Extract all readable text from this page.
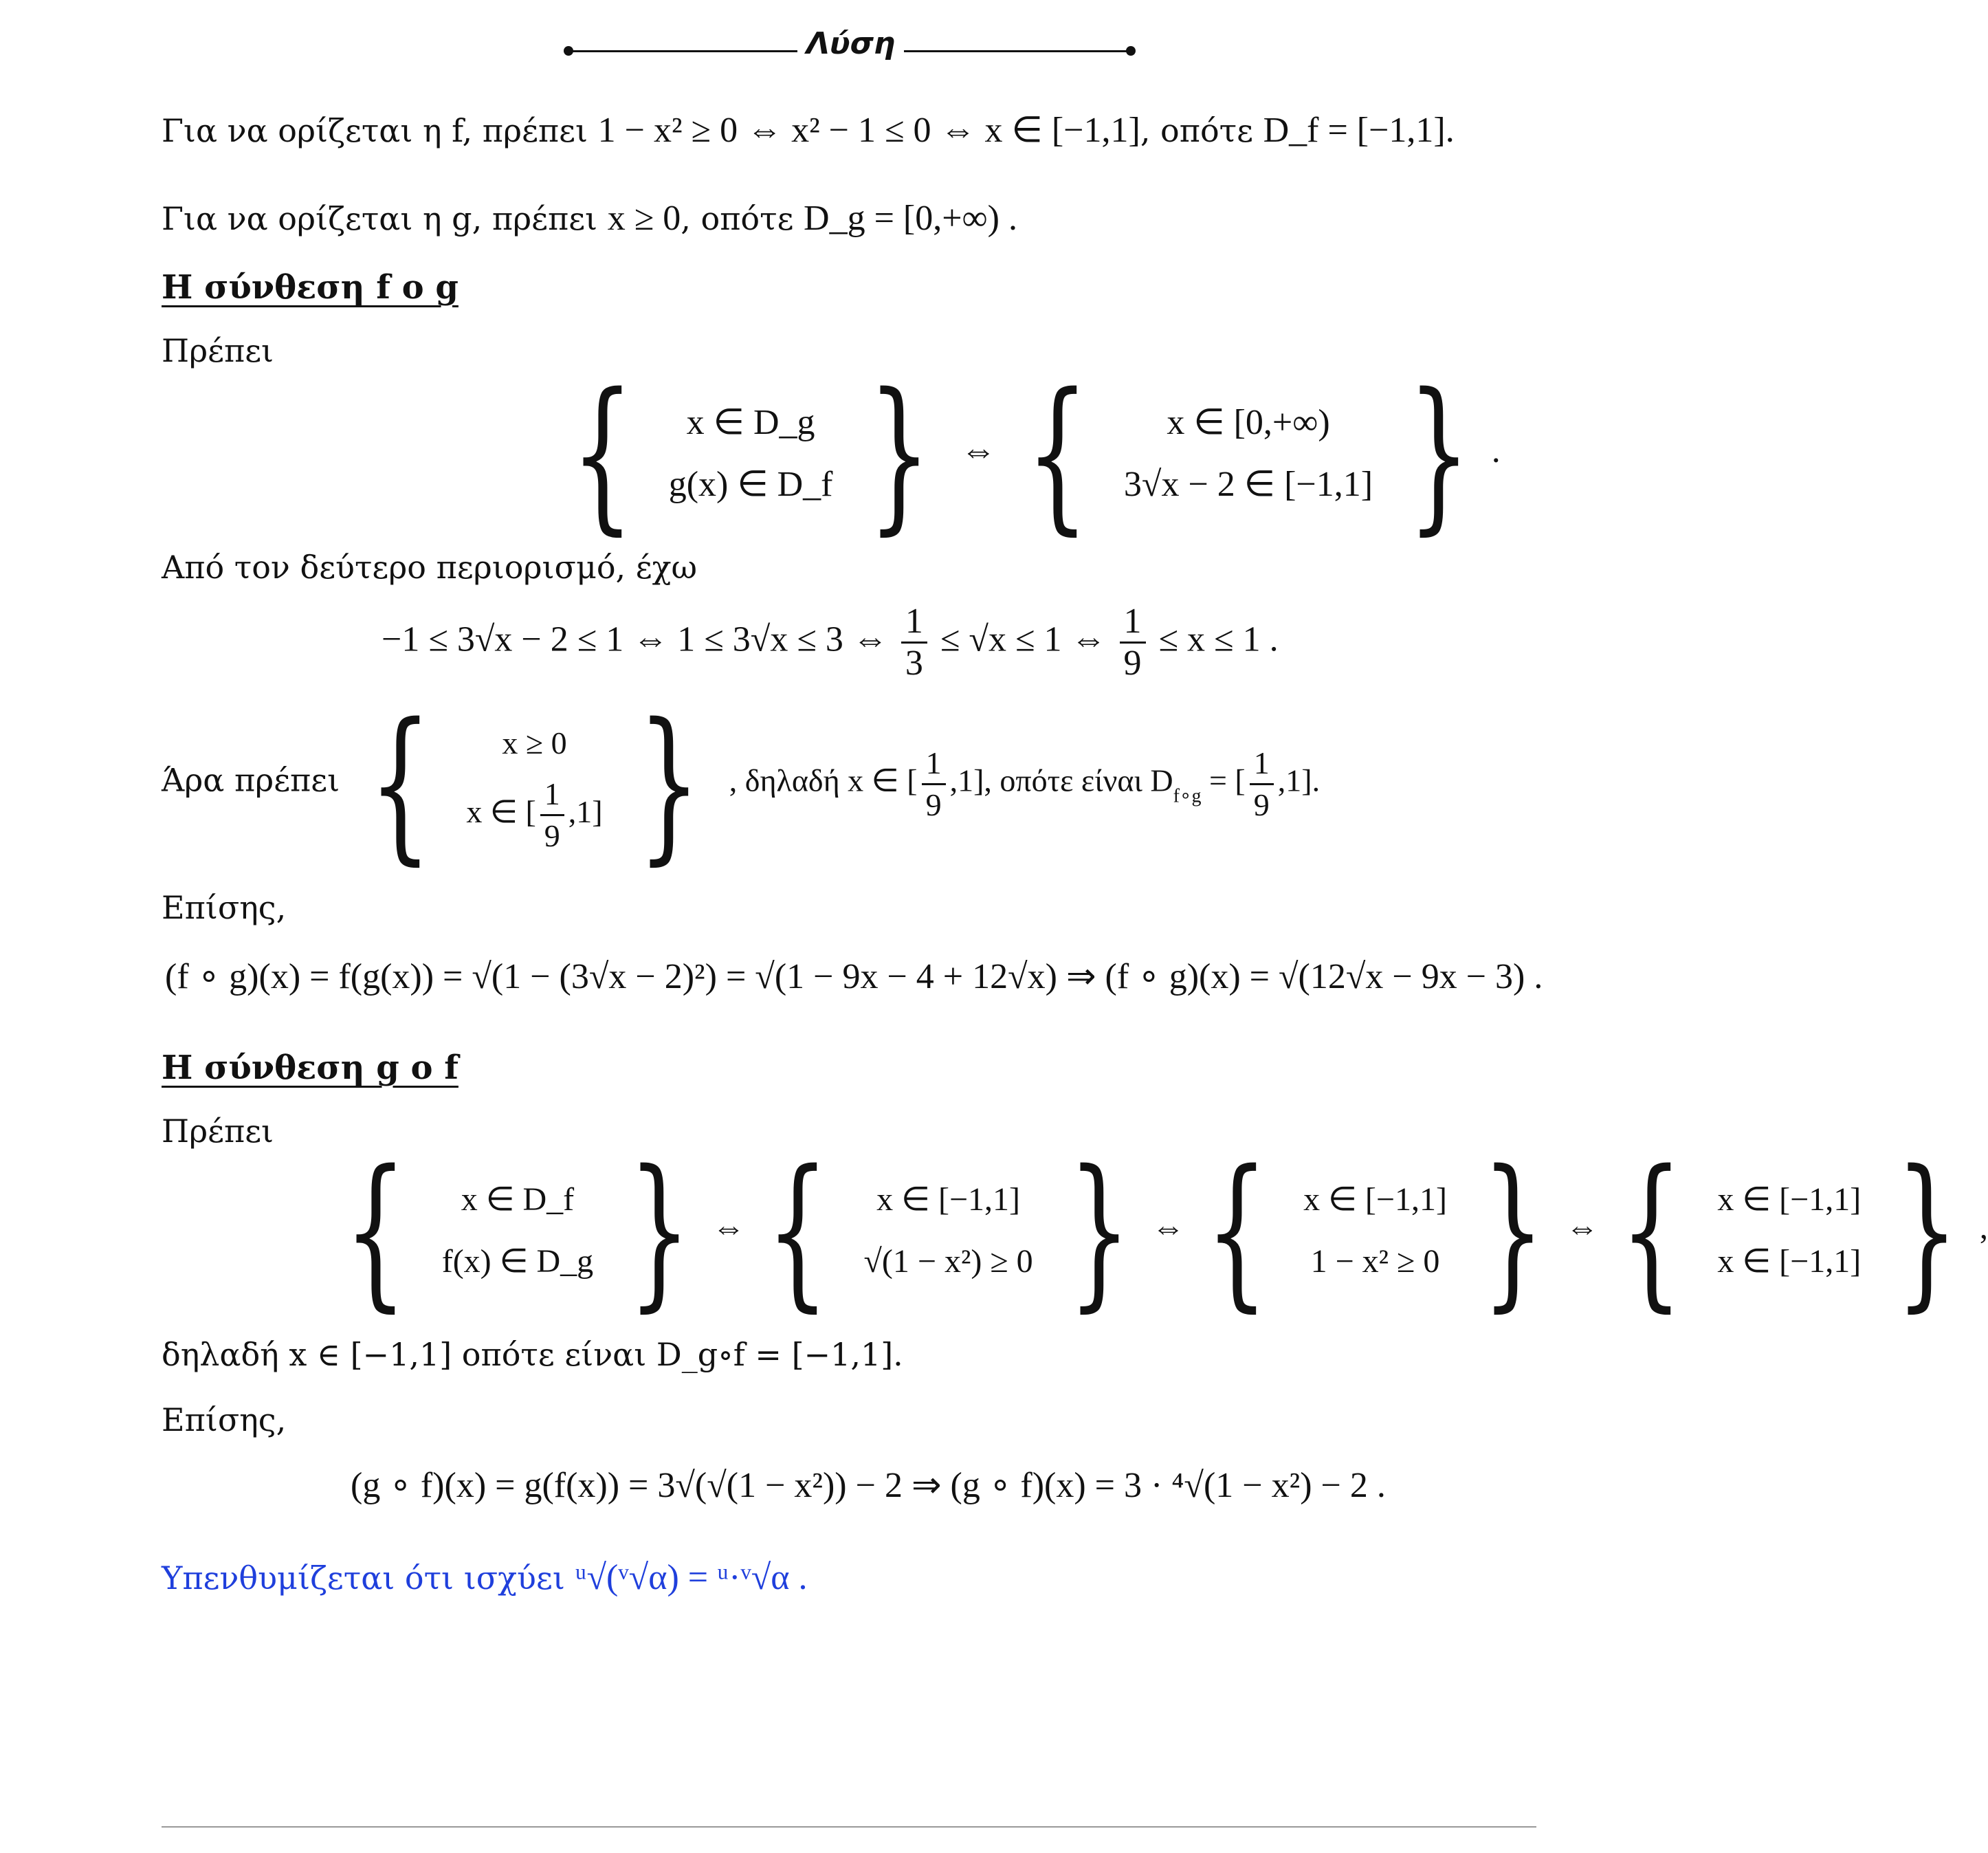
Λύση
Για να ορίζεται η f, πρέπει 1 − x² ≥ 0 ⇔ x² − 1 ≤ 0 ⇔ x ∈ [−1,1], οπότε D_f = [−1,1].
Για να ορίζεται η g, πρέπει x ≥ 0, οπότε D_g = [0,+∞) .
Η σύνθεση f o g
Πρέπει
{ x ∈ D_g
g(x) ∈ D_f } ⇔ { x ∈ [0,+∞)
3√x − 2 ∈ [−1,1] } .
Από τον δεύτερο περιορισμό, έχω
−1 ≤ 3√x − 2 ≤ 1 ⇔ 1 ≤ 3√x ≤ 3 ⇔ $\frac{1}{3} \le √x \le 1$ ⇔ $\frac{1}{9} \le x \le 1$ .
Άρα πρέπει { x ≥ 0
x ∈ [ $\frac{1}{9} ,1$]} , δηλαδή x ∈ [ $\frac{1}{9} ,1$], οπότε είναι $D_{f\circ g}$ = [ $\frac{1}{9} ,1$].
Επίσης,
(f ∘ g)(x) = f(g(x)) = √(1 − (3√x − 2)²) = √(1 − 9x − 4 + 12√x) ⇒ (f ∘ g)(x) = √(12√x − 9x − 3) .
Η σύνθεση g o f
Πρέπει
{ x ∈ D_f
f(x) ∈ D_g } ⇔ { x ∈ [−1,1]
√(1 − x²) ≥ 0 } ⇔ { x ∈ [−1,1]
1 − x² ≥ 0 } ⇔ { x ∈ [−1,1]
x ∈ [−1,1] } ,
δηλαδή x ∈ [−1,1] οπότε είναι D_g∘f = [−1,1].
Επίσης,
(g ∘ f)(x) = g(f(x)) = 3√(√(1 − x²)) − 2 ⇒ (g ∘ f)(x) = 3 · ⁴√(1 − x²) − 2 .
Υπενθυμίζεται ότι ισχύει ᵘ√(ᵛ√α) = ᵘ·ᵛ√α .
